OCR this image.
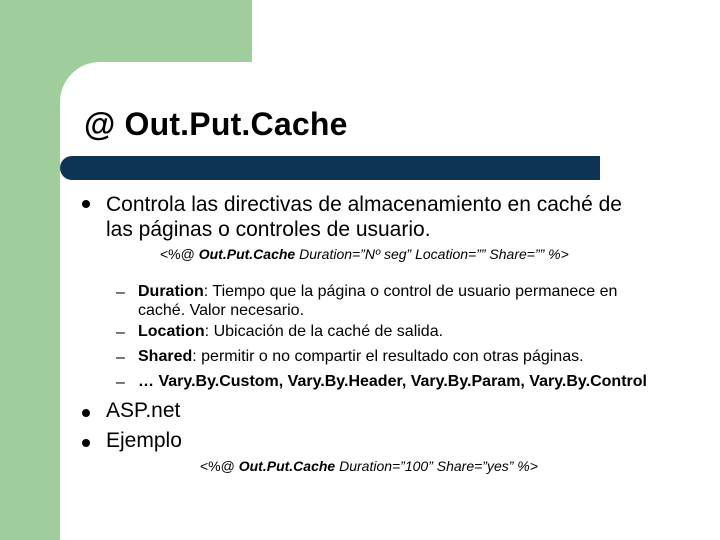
@ Out.Put.Cache
Controla las directivas de almacenamiento en caché de
las páginas o controles de usuario.
<%@ Out.Put.Cache Duration=”Nº seg” Location=”” Share=”” %>
– Duration: Tiempo que la página o control de usuario permanece en
caché. Valor necesario.
– Location: Ubicación de la caché de salida.
– Shared: permitir o no compartir el resultado con otras páginas.
– … Vary.By.Custom, Vary.By.Header, Vary.By.Param, Vary.By.Control
ASP.net
Ejemplo
<%@ Out.Put.Cache Duration=”100” Share=”yes” %>
